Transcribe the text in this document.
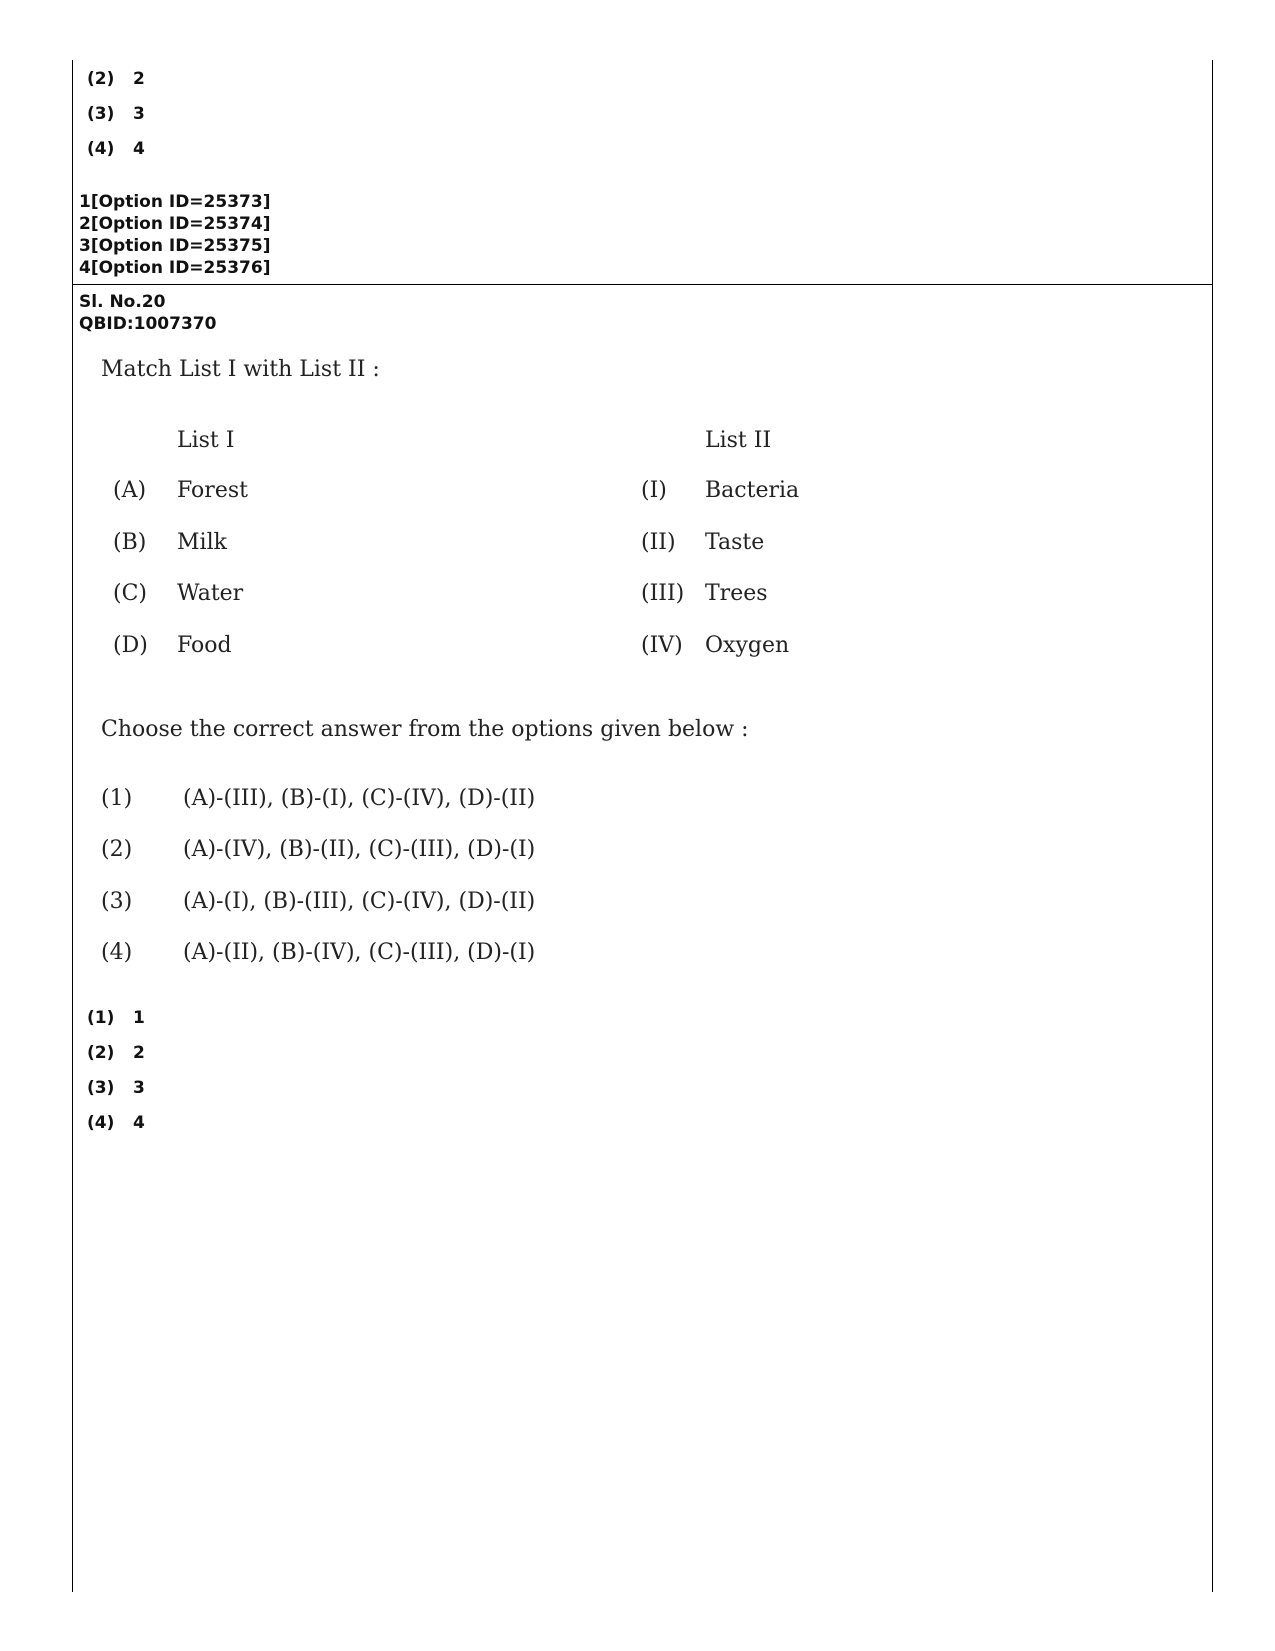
(2)	2
(3)	3
(4)	4
1[Option ID=25373]
2[Option ID=25374]
3[Option ID=25375]
4[Option ID=25376]
Sl. No.20
QBID:1007370
Match List I with List II :
List I	List II
(A) Forest	(I) Bacteria
(B) Milk	(II) Taste
(C) Water	(III) Trees
(D) Food	(IV) Oxygen
Choose the correct answer from the options given below :
(1) (A)-(III), (B)-(I), (C)-(IV), (D)-(II)
(2) (A)-(IV), (B)-(II), (C)-(III), (D)-(I)
(3) (A)-(I), (B)-(III), (C)-(IV), (D)-(II)
(4) (A)-(II), (B)-(IV), (C)-(III), (D)-(I)
(1)	1
(2)	2
(3)	3
(4)	4
